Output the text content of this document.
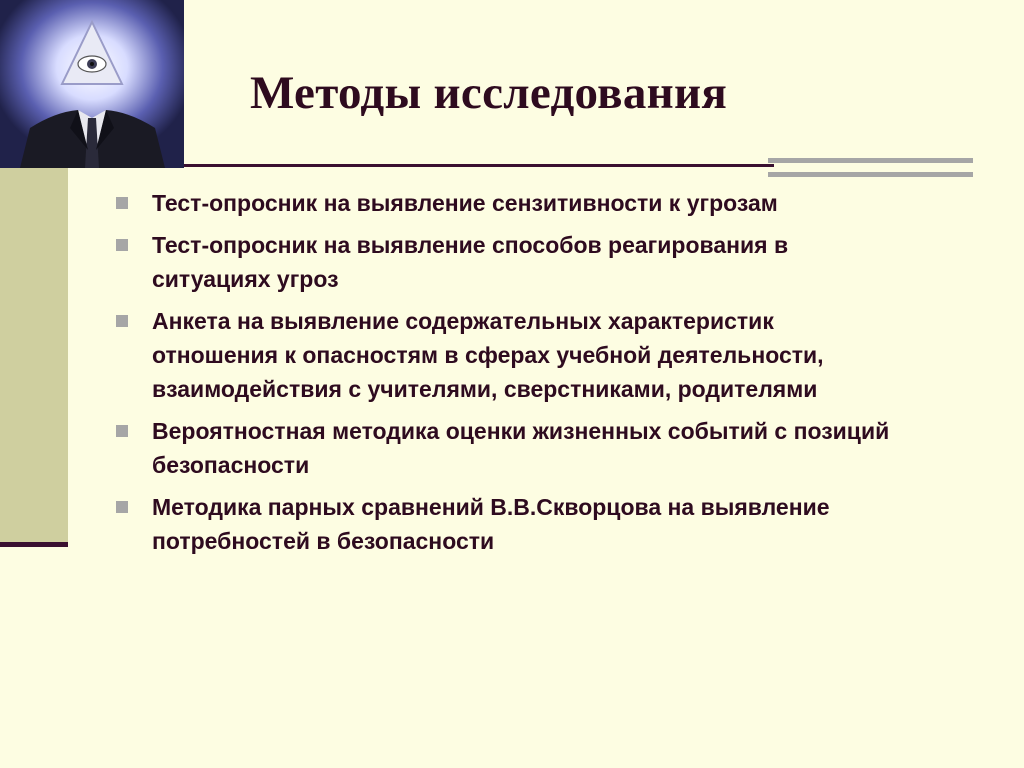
Методы исследования
Тест-опросник на выявление сензитивности к угрозам
Тест-опросник на выявление способов реагирования в ситуациях угроз
Анкета на выявление содержательных характеристик отношения к опасностям в сферах учебной деятельности, взаимодействия с учителями, сверстниками, родителями
Вероятностная методика оценки жизненных событий с позиций безопасности
Методика парных сравнений В.В.Скворцова на выявление потребностей в безопасности
